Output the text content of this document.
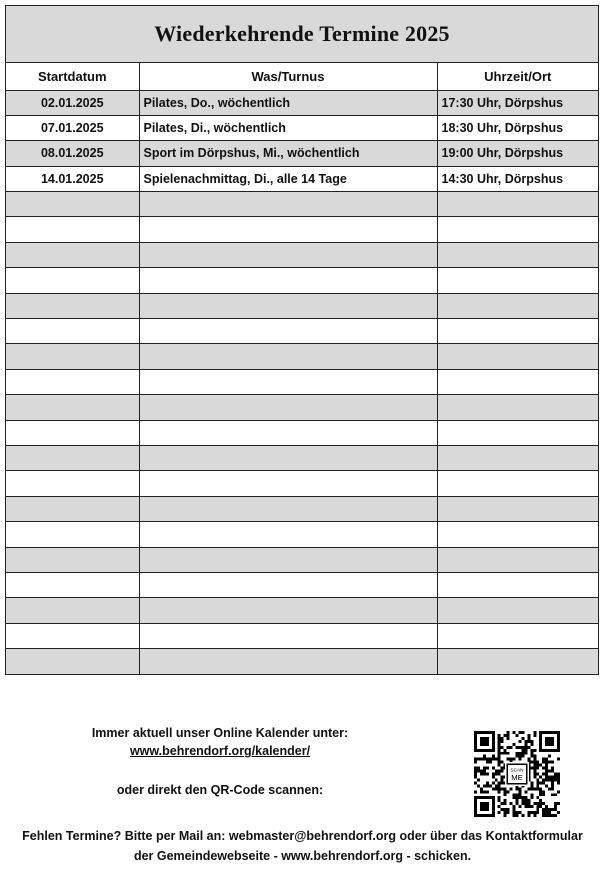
Wiederkehrende Termine 2025
Startdatum	Was/Turnus	Uhrzeit/Ort
02.01.2025	Pilates, Do., wöchentlich	17:30 Uhr, Dörpshus
07.01.2025	Pilates, Di., wöchentlich	18:30 Uhr, Dörpshus
08.01.2025	Sport im Dörpshus, Mi., wöchentlich	19:00 Uhr, Dörpshus
14.01.2025	Spielenachmittag, Di., alle 14 Tage	14:30 Uhr, Dörpshus

Immer aktuell unser Online Kalender unter:
www.behrendorf.org/kalender/
oder direkt den QR-Code scannen:
SCAN
ME
Fehlen Termine? Bitte per Mail an: webmaster@behrendorf.org oder über das Kontaktformular
der Gemeindewebseite - www.behrendorf.org - schicken.
